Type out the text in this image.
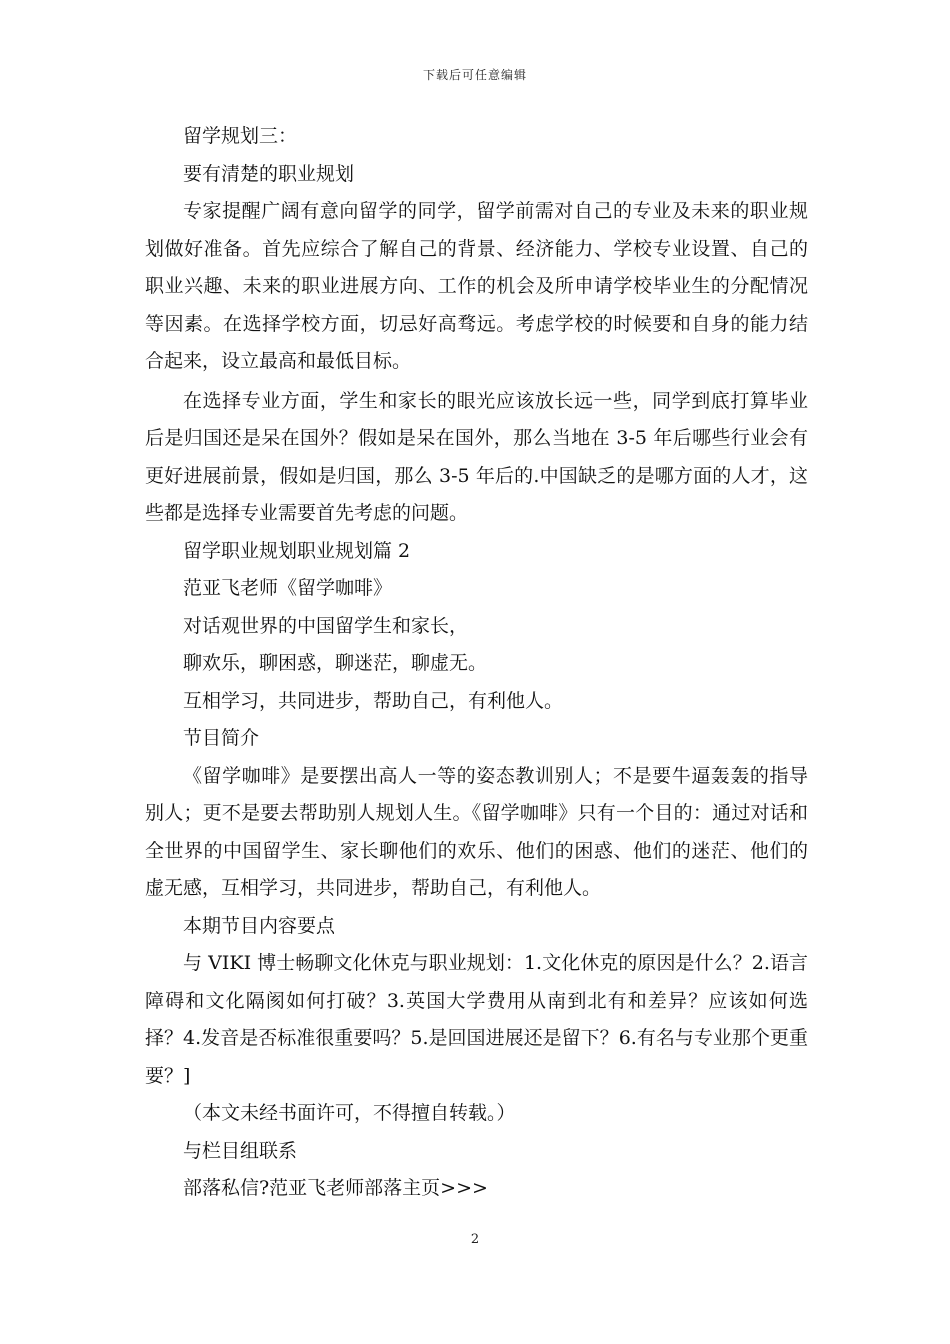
下载后可任意编辑
留学规划三：
要有清楚的职业规划

专家提醒广阔有意向留学的同学，留学前需对自己的专业及未来的职业规划做好准备。首先应综合了解自己的背景、经济能力、学校专业设置、自己的职业兴趣、未来的职业进展方向、工作的机会及所申请学校毕业生的分配情况等因素。在选择学校方面，切忌好高骛远。考虑学校的时候要和自身的能力结合起来，设立最高和最低目标。

在选择专业方面，学生和家长的眼光应该放长远一些，同学到底打算毕业后是归国还是呆在国外？假如是呆在国外，那么当地在 3-5 年后哪些行业会有更好进展前景，假如是归国，那么 3-5 年后的.中国缺乏的是哪方面的人才，这些都是选择专业需要首先考虑的问题。

留学职业规划职业规划篇 2
范亚飞老师《留学咖啡》
对话观世界的中国留学生和家长，
聊欢乐，聊困惑，聊迷茫，聊虚无。
互相学习，共同进步，帮助自己，有利他人。
节目简介

《留学咖啡》是要摆出高人一等的姿态教训别人；不是要牛逼轰轰的指导别人；更不是要去帮助别人规划人生。《留学咖啡》只有一个目的：通过对话和全世界的中国留学生、家长聊他们的欢乐、他们的困惑、他们的迷茫、他们的虚无感，互相学习，共同进步，帮助自己，有利他人。

本期节目内容要点

与 VIKI 博士畅聊文化休克与职业规划：1.文化休克的原因是什么？2.语言障碍和文化隔阂如何打破？3.英国大学费用从南到北有和差异？应该如何选择？4.发音是否标准很重要吗？5.是回国进展还是留下？6.有名与专业那个更重要？]

（本文未经书面许可，不得擅自转载。）
与栏目组联系
部落私信?范亚飞老师部落主页>>>
2
